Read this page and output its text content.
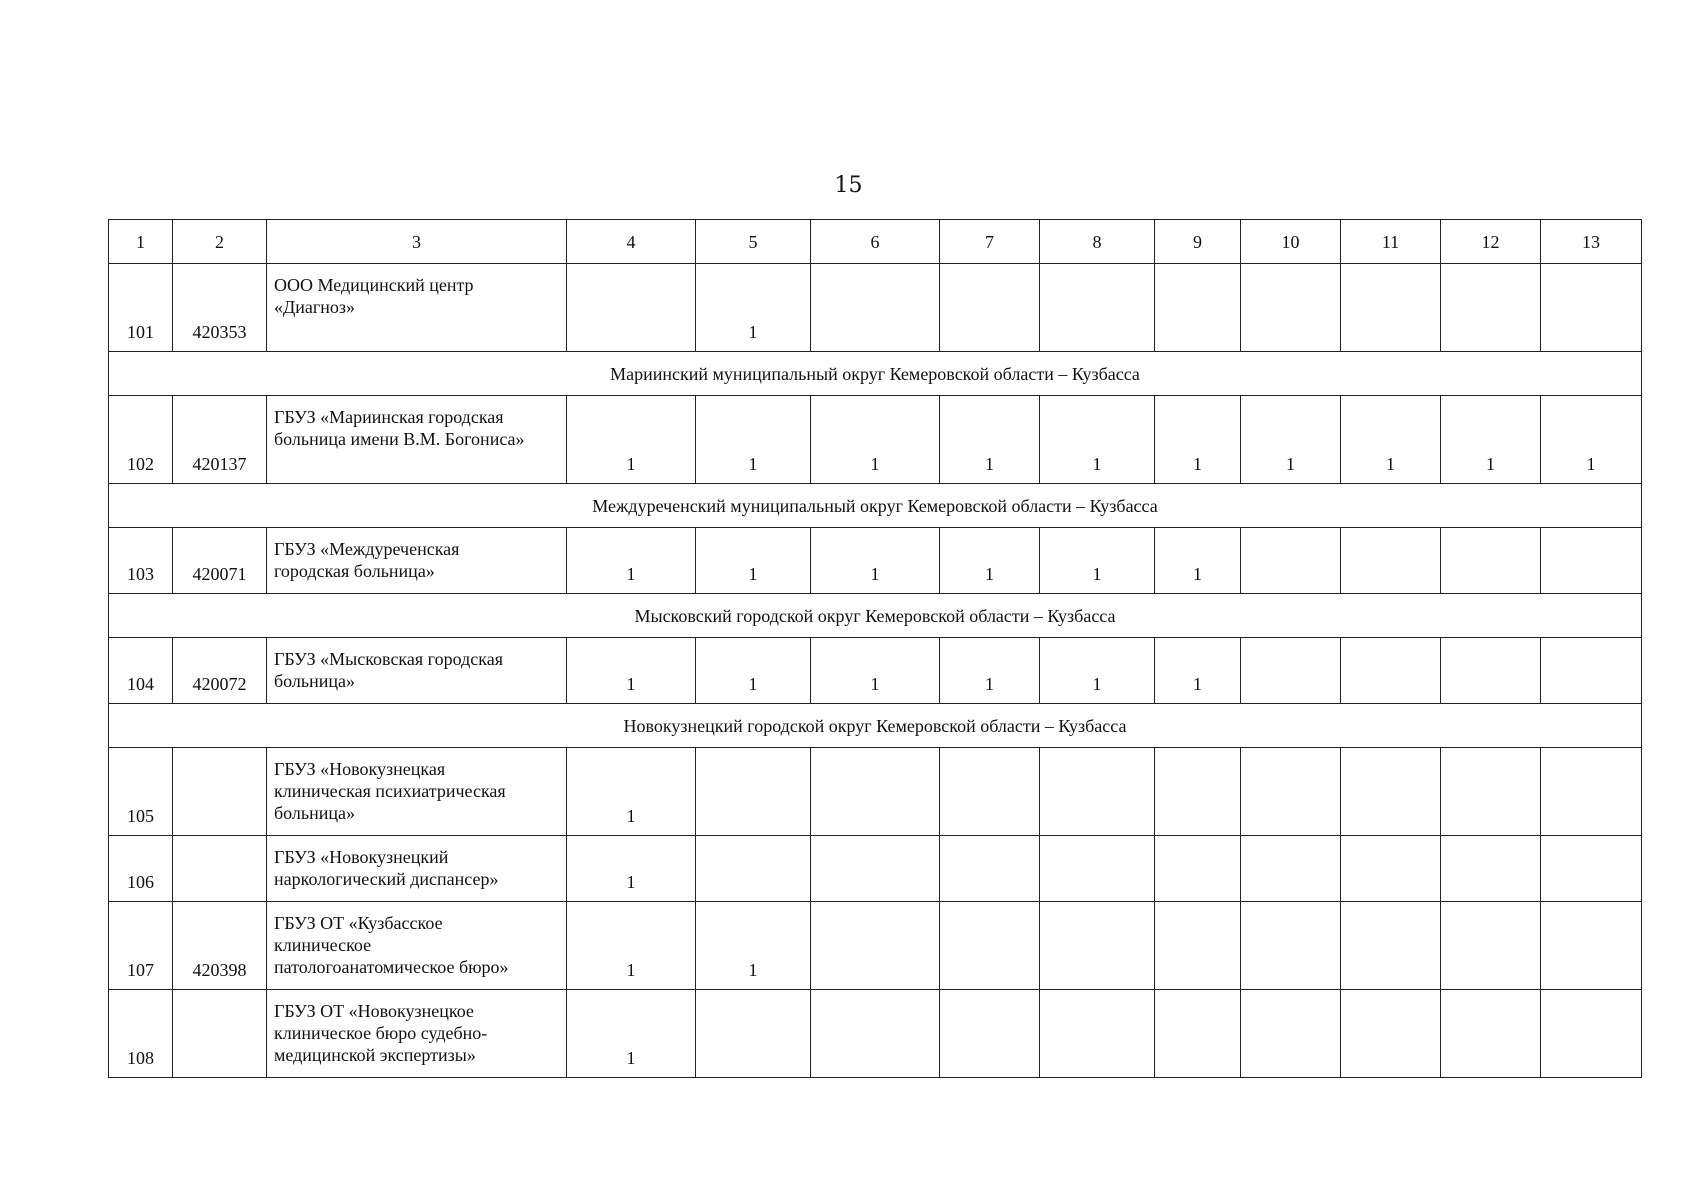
15
1	2	3	4	5	6	7	8	9	10	11	12	13
101	420353	ООО Медицинский центр
«Диагноз»		1								
Мариинский муниципальный округ Кемеровской области – Кузбасса												
102	420137	ГБУЗ «Мариинская городская
больница имени В.М. Богониса»	1	1	1	1	1	1	1	1	1	1
Междуреченский муниципальный округ Кемеровской области – Кузбасса												
103	420071	ГБУЗ «Междуреченская
городская больница»	1	1	1	1	1	1				
Мысковский городской округ Кемеровской области – Кузбасса												
104	420072	ГБУЗ «Мысковская городская
больница»	1	1	1	1	1	1				
Новокузнецкий городской округ Кемеровской области – Кузбасса												
105		ГБУЗ «Новокузнецкая
клиническая психиатрическая
больница»	1									
106		ГБУЗ «Новокузнецкий
наркологический диспансер»	1									
107	420398	ГБУЗ ОТ «Кузбасское
клиническое
патологоанатомическое бюро»	1	1								
108		ГБУЗ ОТ «Новокузнецкое
клиническое бюро судебно-
медицинской экспертизы»	1									
